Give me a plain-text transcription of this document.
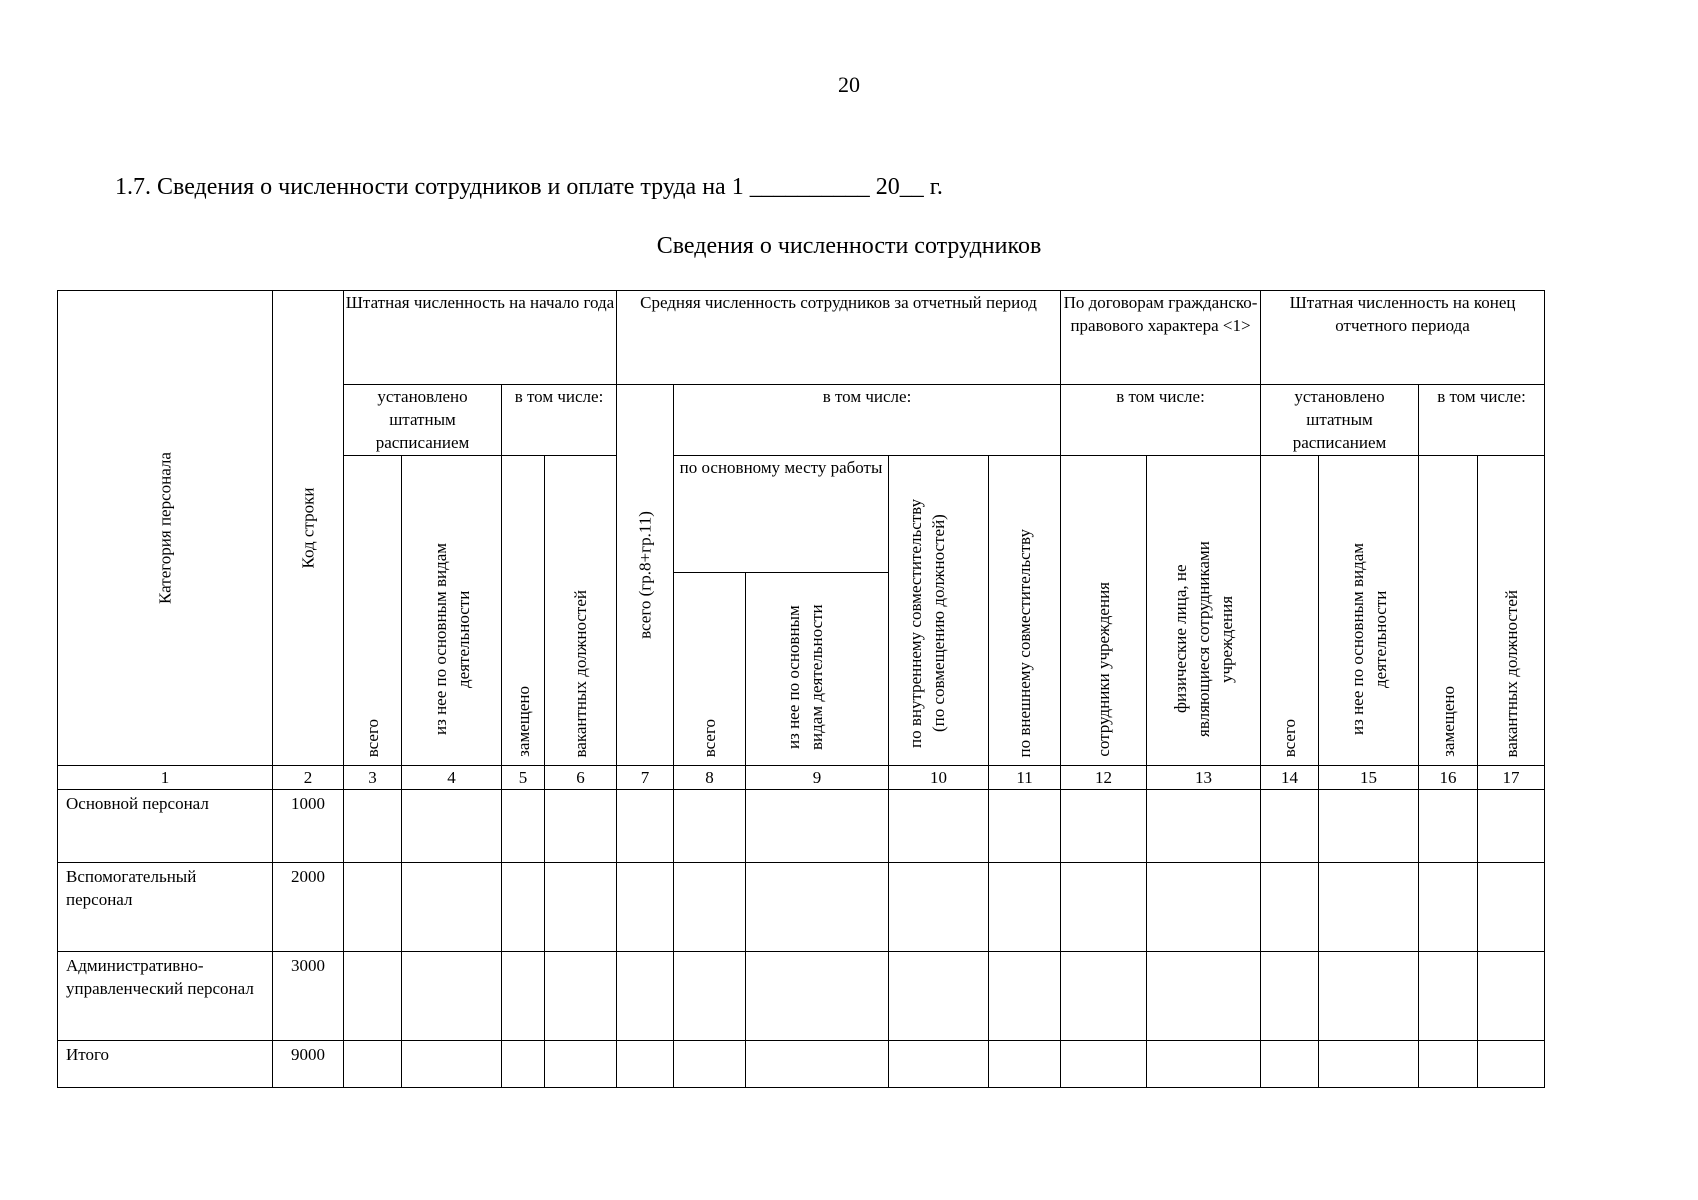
20
1.7. Сведения о численности сотрудников и оплате труда на 1 __________ 20__ г.
Сведения о численности сотрудников
Категория персонала	Код строки	Штатная численность на начало года				Средняя численность сотрудников за отчетный период					По договорам гражданско-правового характера <1>		Штатная численность на конец отчетного периода			
		установлено штатным расписанием		в том числе:		всего (гр.8+гр.11)	в том числе:				в том числе:		установлено штатным расписанием		в том числе:	

		всего	из нее по основным видам деятельности	замещено	вакантных должностей		по основному месту работы		по внутреннему совместительству (по совмещению должностей)	по внешнему совместительству	сотрудники учреждения	физические лица, не являющиеся сотрудниками учреждения	всего	из нее по основным видам деятельности	замещено	вакантных должностей

							всего	из нее по основным видам деятельности								

1	2	3	4	5	6	7	8	9	10	11	12	13	14	15	16	17
Основной персонал	1000															
Вспомогательный персонал	2000															
Административно-управленческий персонал	3000															
Итого	9000															
